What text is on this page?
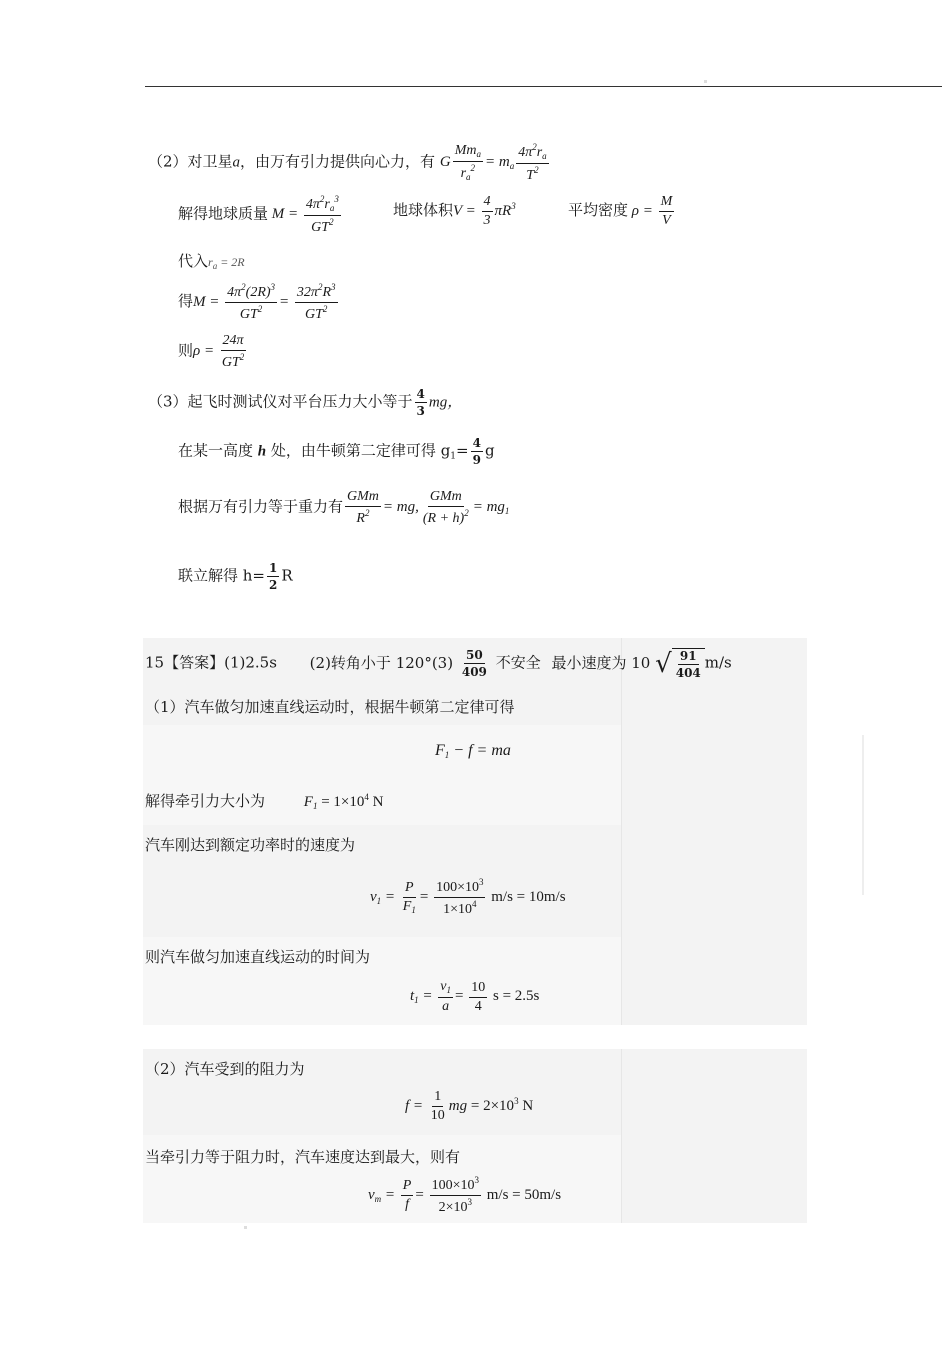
（2）对卫星a，由万有引力提供向心力，有 G $\frac{Mm_a}{r_a^2} = m_a \frac{4\pi^2r_a}{T^2}$
解得地球质量 $M = \frac{4\pi^2r_a^3}{GT^2}$	地球体积$V = \frac{4}{3} \pi R^3$	平均密度 $\rho = \frac{M}{V}$
代入$r_a = 2R$
得$M = \frac{4\pi^2(2R)^3}{GT^2} = \frac{32\pi^2R^3}{GT^2}$
则$\rho = \frac{24\pi}{GT^2}$
（3）起飞时测试仪对平台压力大小等于 $\frac{4}{3}$ mg，
在某一高度 h 处，由牛顿第二定律可得 $g_1= \frac{4}{9}$ g
根据万有引力等于重力有 $\frac{\text{GMm}}{R^2}$ = mg, $\frac{\text{GMm}}{(R + h)^2} = mg_1$
联立解得 $h= \frac{1}{2}$ R
15【答案】(1)2.5s (2)转角小于 $120^\circ(3) \frac{50}{409}$ 不安全 最小速度为 10 √ $\frac{91}{404} m/s$
（1）汽车做匀加速直线运动时，根据牛顿第二定律可得
$F_1 - f$ = ma
解得牵引力大小为	$F_1 = 1\times 10^4$ N
汽车刚达到额定功率时的速度为
$v_1 = \frac{P}{F_1} = \frac{100\times 10^3}{1\times 10^4} m/s = 10m/s$
则汽车做匀加速直线运动的时间为
$t_1 = \frac{v_1}{a} = \frac{10}{4}$ s = 2.5s
（2）汽车受到的阻力为
$f = \frac{1}{10}$ mg = $2\times 10^3$ N
当牵引力等于阻力时，汽车速度达到最大，则有
$v_m = \frac{P}{f} = \frac{100\times 10^3}{2\times 10^3} m/s = 50m/s$
